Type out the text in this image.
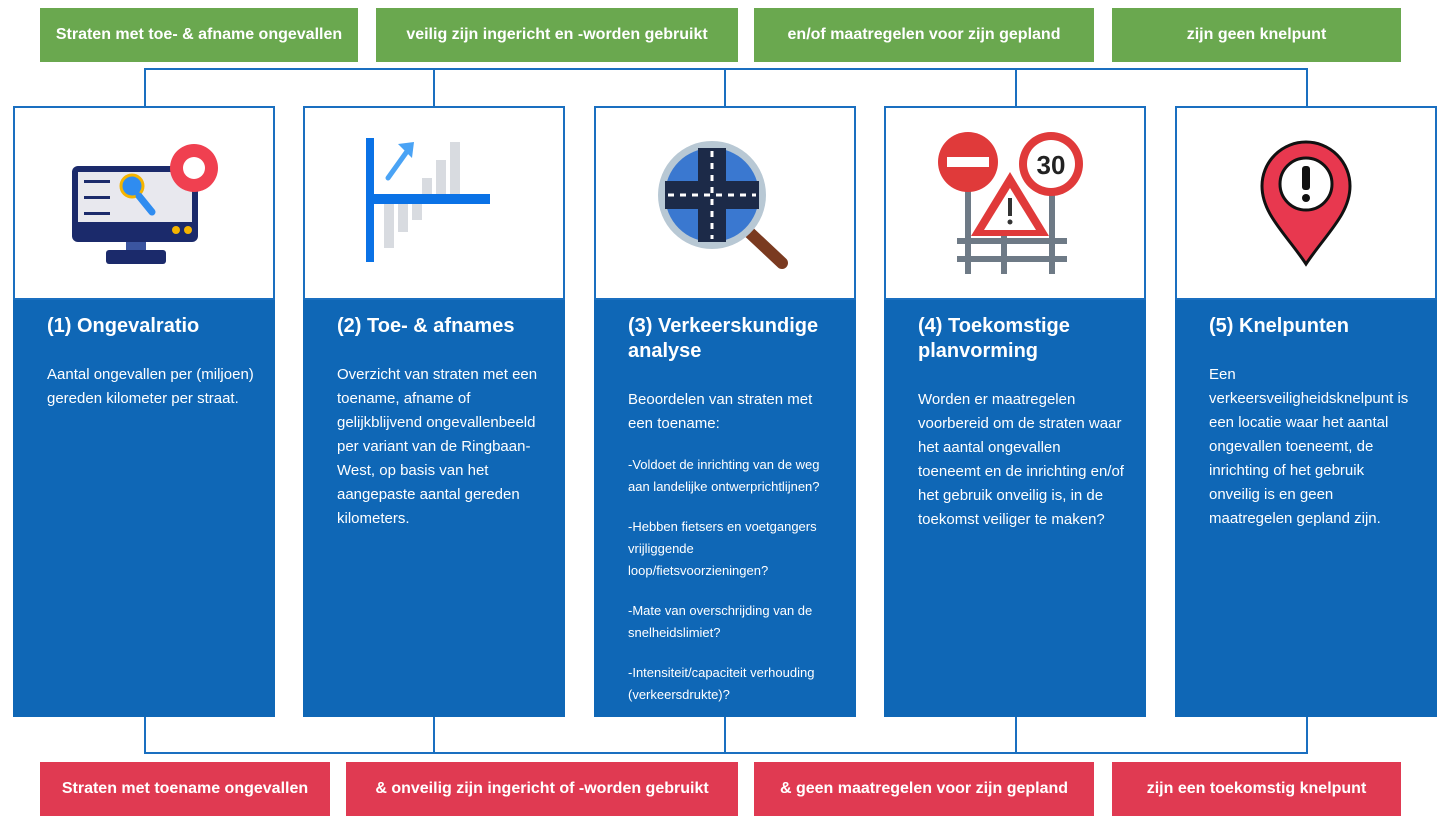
Straten met toe- & afname ongevallen	veilig zijn ingericht en -worden gebruikt	en/of maatregelen voor zijn gepland	zijn geen knelpunt
(1) Ongevalratio

Aantal ongevallen per (miljoen) gereden kilometer per straat.

(2) Toe- & afnames

Overzicht van straten met een toename, afname of gelijkblijvend ongevallenbeeld per variant van de Ringbaan-West, op basis van het aangepaste aantal gereden kilometers.

(3) Verkeerskundige analyse

Beoordelen van straten met een toename:

-Voldoet de inrichting van de weg aan landelijke ontwerprichtlijnen?

-Hebben fietsers en voetgangers vrijliggende loop/fietsvoorzieningen?

-Mate van overschrijding van de snelheidslimiet?

-Intensiteit/capaciteit verhouding (verkeersdrukte)?

30
(4) Toekomstige planvorming

Worden er maatregelen voorbereid om de straten waar het aantal ongevallen toeneemt en de inrichting en/of het gebruik onveilig is, in de toekomst veiliger te maken?

(5) Knelpunten

Een verkeersveiligheidsknelpunt is een locatie waar het aantal ongevallen toeneemt, de inrichting of het gebruik onveilig is en geen maatregelen gepland zijn.

Straten met toename ongevallen	& onveilig zijn ingericht of -worden gebruikt	& geen maatregelen voor zijn gepland	zijn een toekomstig knelpunt
